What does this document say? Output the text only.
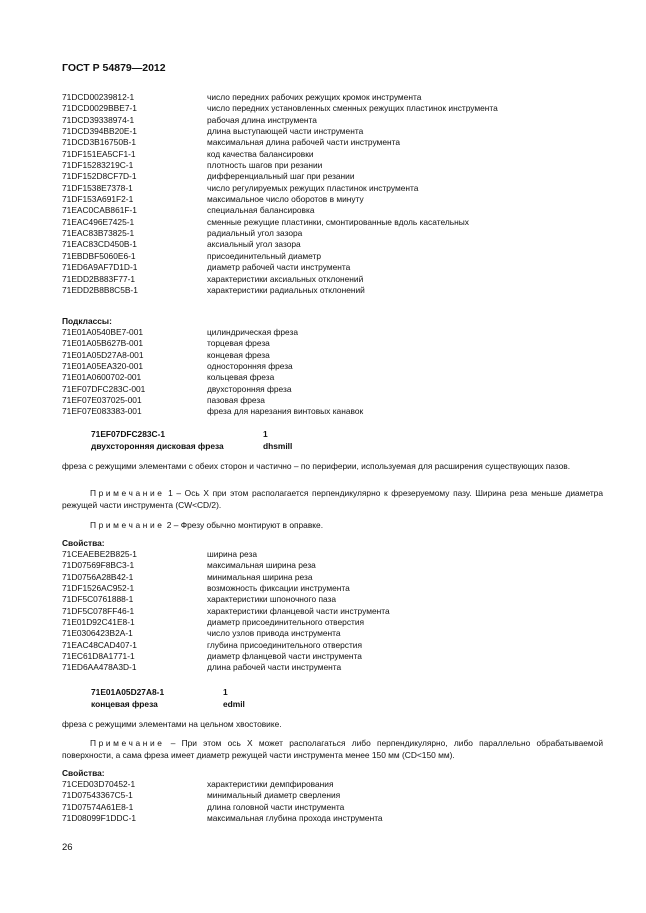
ГОСТ Р 54879—2012
71DCD00239812-1	число передних рабочих режущих кромок инструмента
71DCD0029BBE7-1	число передних установленных сменных режущих пластинок инструмента
71DCD39338974-1	рабочая длина инструмента
71DCD394BB20E-1	длина выступающей части инструмента
71DCD3B16750B-1	максимальная длина рабочей части инструмента
71DF151EA5CF1-1	код качества балансировки
71DF15283219C-1	плотность шагов при резании
71DF152D8CF7D-1	дифференциальный шаг при резании
71DF1538E7378-1	число регулируемых режущих пластинок инструмента
71DF153A691F2-1	максимальное число оборотов в минуту
71EAC0CAB861F-1	специальная балансировка
71EAC496E7425-1	сменные режущие пластинки, смонтированные вдоль касательных
71EAC83B73825-1	радиальный угол зазора
71EAC83CD450B-1	аксиальный угол зазора
71EBDBF5060E6-1	присоединительный диаметр
71ED6A9AF7D1D-1	диаметр рабочей части инструмента
71EDD2B883F77-1	характеристики аксиальных отклонений
71EDD2B8B8C5B-1	характеристики радиальных отклонений
Подклассы:
71E01A0540BE7-001	цилиндрическая фреза
71E01A05B627B-001	торцевая фреза
71E01A05D27A8-001	концевая фреза
71E01A05EA320-001	односторонняя фреза
71E01A0600702-001	кольцевая фреза
71EF07DFC283C-001	двухсторонняя фреза
71EF07E037025-001	пазовая фреза
71EF07E083383-001	фреза для нарезания винтовых канавок
71EF07DFC283C-1	1
двухсторонняя дисковая фреза	dhsmill
фреза с режущими элементами с обеих сторон и частично – по периферии, используемая для расширения существующих пазов.
Примечание 1 – Ось X при этом располагается перпендикулярно к фрезеруемому пазу. Ширина реза меньше диаметра режущей части инструмента (CW<CD/2).
Примечание 2 – Фрезу обычно монтируют в оправке.
Свойства:
71CEAEBE2B825-1	ширина реза
71D07569F8BC3-1	максимальная ширина реза
71D0756A28B42-1	минимальная ширина реза
71DF1526AC952-1	возможность фиксации инструмента
71DF5C0761888-1	характеристики шпоночного паза
71DF5C078FF46-1	характеристики фланцевой части инструмента
71E01D92C41E8-1	диаметр присоединительного отверстия
71E0306423B2A-1	число узлов привода инструмента
71EAC48CAD407-1	глубина присоединительного отверстия
71EC61D8A1771-1	диаметр фланцевой части инструмента
71ED6AA478A3D-1	длина рабочей части инструмента
71E01A05D27A8-1	1
концевая фреза	edmil
фреза с режущими элементами на цельном хвостовике.
Примечание – При этом ось X может располагаться либо перпендикулярно, либо параллельно обрабатываемой поверхности, а сама фреза имеет диаметр режущей части инструмента менее 150 мм (CD<150 мм).
Свойства:
71CED03D70452-1	характеристики демпфирования
71D07543367C5-1	минимальный диаметр сверления
71D07574A61E8-1	длина головной части инструмента
71D08099F1DDC-1	максимальная глубина прохода инструмента
26
